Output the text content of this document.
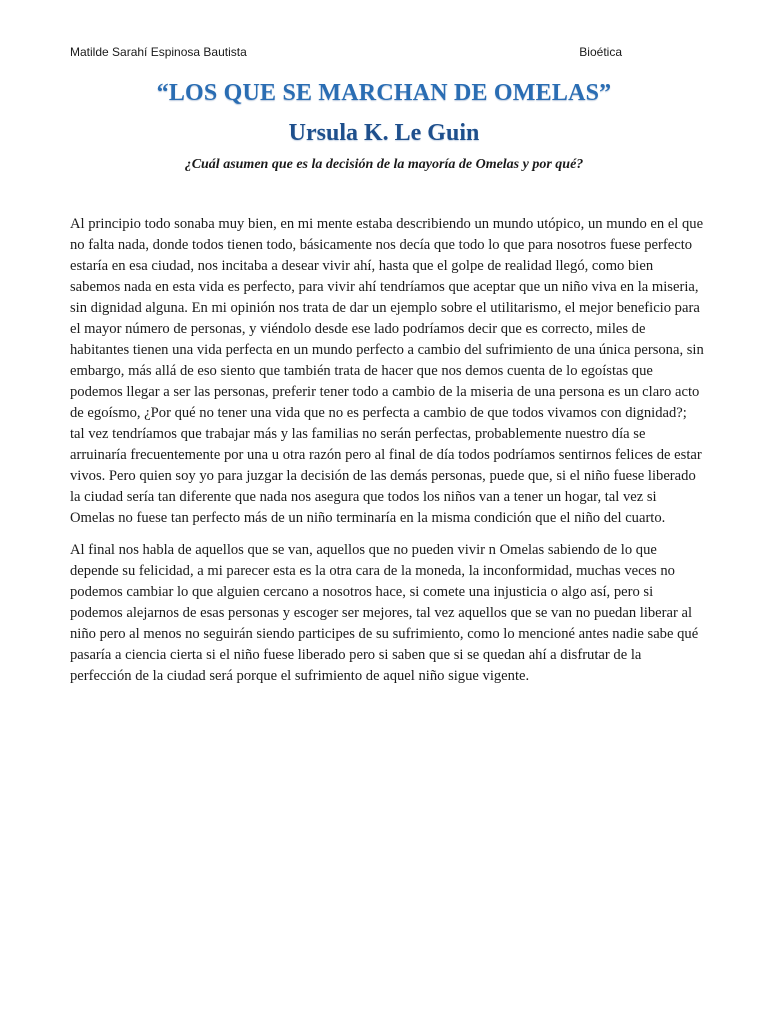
Matilde Sarahí Espinosa Bautista	Bioética
“LOS QUE SE MARCHAN DE OMELAS”
Ursula K. Le Guin
¿Cuál asumen que es la decisión de la mayoría de Omelas y por qué?

Al principio todo sonaba muy bien, en mi mente estaba describiendo un mundo utópico, un mundo en el que no falta nada, donde todos tienen todo, básicamente nos decía que todo lo que para nosotros fuese perfecto estaría en esa ciudad, nos incitaba a desear vivir ahí, hasta que el golpe de realidad llegó, como bien sabemos nada en esta vida es perfecto, para vivir ahí tendríamos que aceptar que un niño viva en la miseria, sin dignidad alguna. En mi opinión nos trata de dar un ejemplo sobre el utilitarismo, el mejor beneficio para el mayor número de personas, y viéndolo desde ese lado podríamos decir que es correcto, miles de habitantes tienen una vida perfecta en un mundo perfecto a cambio del sufrimiento de una única persona, sin embargo, más allá de eso siento que también trata de hacer que nos demos cuenta de lo egoístas que podemos llegar a ser las personas, preferir tener todo a cambio de la miseria de una persona es un claro acto de egoísmo, ¿Por qué no tener una vida que no es perfecta a cambio de que todos vivamos con dignidad?; tal vez tendríamos que trabajar más y las familias no serán perfectas, probablemente nuestro día se arruinaría frecuentemente por una u otra razón pero al final de día todos podríamos sentirnos felices de estar vivos. Pero quien soy yo para juzgar la decisión de las demás personas, puede que, si el niño fuese liberado la ciudad sería tan diferente que nada nos asegura que todos los niños van a tener un hogar, tal vez si Omelas no fuese tan perfecto más de un niño terminaría en la misma condición que el niño del cuarto.

Al final nos habla de aquellos que se van, aquellos que no pueden vivir n Omelas sabiendo de lo que depende su felicidad, a mi parecer esta es la otra cara de la moneda, la inconformidad, muchas veces no podemos cambiar lo que alguien cercano a nosotros hace, si comete una injusticia o algo así, pero si podemos alejarnos de esas personas y escoger ser mejores, tal vez aquellos que se van no puedan liberar al niño pero al menos no seguirán siendo participes de su sufrimiento, como lo mencioné antes nadie sabe qué pasaría a ciencia cierta si el niño fuese liberado pero si saben que si se quedan ahí a disfrutar de la perfección de la ciudad será porque el sufrimiento de aquel niño sigue vigente.
